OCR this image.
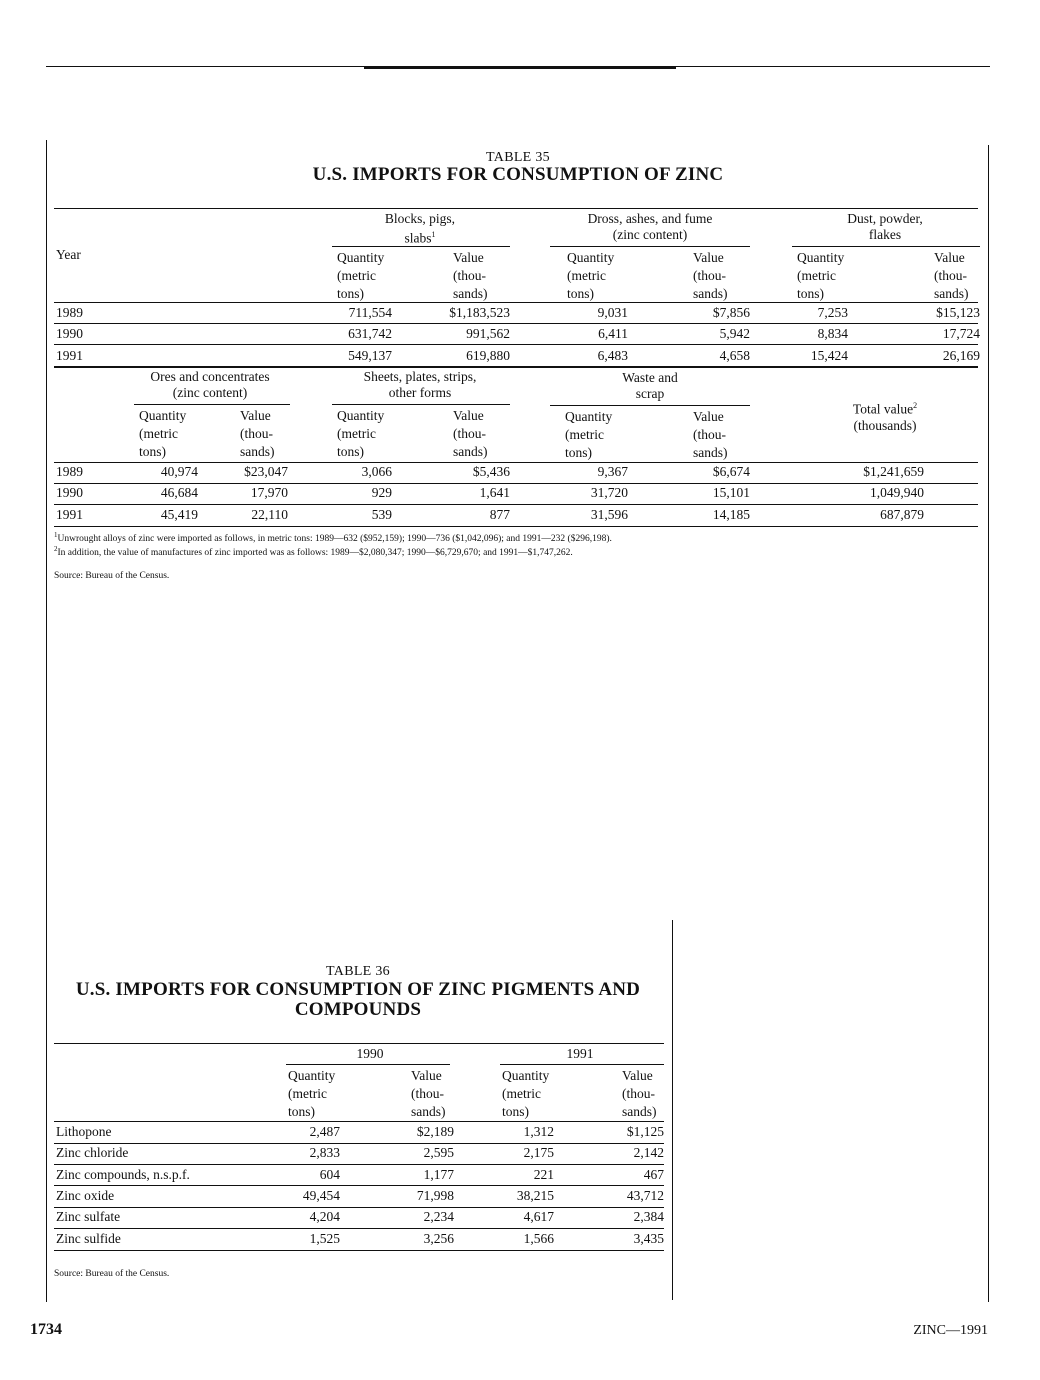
TABLE 35
U.S. IMPORTS FOR CONSUMPTION OF ZINC
Blocks, pigs,
slabs$^1$
Dross, ashes, and fume
(zinc content)
Dust, powder,
flakes
Year	Quantity
(metric
tons)
Value
(thou-
sands)
Quantity
(metric
tons)
Value
(thou-
sands)
Quantity
(metric
tons)
Value
(thou-
sands)
1989	711,554	$1,183,523	9,031	$7,856	7,253	$15,123
1990	631,742	991,562	6,411	5,942	8,834	17,724
1991	549,137	619,880	6,483	4,658	15,424	26,169
Ores and concentrates
(zinc content)
Sheets, plates, strips,
other forms
Waste and
scrap
Total value$^2$
(thousands)
Quantity
(metric
tons)
Value
(thou-
sands)
Quantity
(metric
tons)
Value
(thou-
sands)
Quantity
(metric
tons)
Value
(thou-
sands)
1989	40,974	$23,047	3,066	$5,436	9,367	$6,674	$1,241,659
1990	46,684	17,970	929	1,641	31,720	15,101	1,049,940
1991	45,419	22,110	539	877	31,596	14,185	687,879
$^1$Unwrought alloys of zinc were imported as follows, in metric tons: 1989—632 ($952,159); 1990—736 ($1,042,096); and 1991—232 ($296,198).
$^2$In addition, the value of manufactures of zinc imported was as follows: 1989—$2,080,347; 1990—$6,729,670; and 1991—$1,747,262.
Source: Bureau of the Census.
TABLE 36
U.S. IMPORTS FOR CONSUMPTION OF ZINC PIGMENTS AND
COMPOUNDS
1990	1991
Quantity
(metric
tons)
Value
(thou-
sands)
Quantity
(metric
tons)
Value
(thou-
sands)
Lithopone	2,487	$2,189	1,312	$1,125
Zinc chloride	2,833	2,595	2,175	2,142
Zinc compounds, n.s.p.f.	604	1,177	221	467
Zinc oxide	49,454	71,998	38,215	43,712
Zinc sulfate	4,204	2,234	4,617	2,384
Zinc sulfide	1,525	3,256	1,566	3,435
Source: Bureau of the Census.
1734	ZINC—1991
